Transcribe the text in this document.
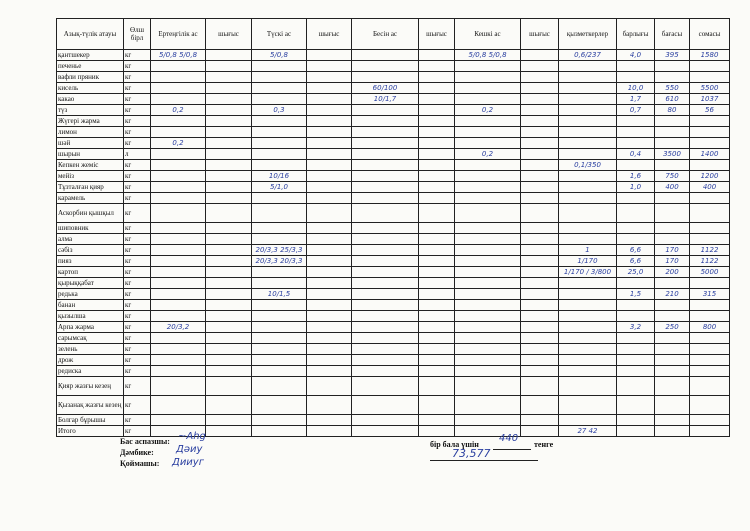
Азық-түлік атауы	Өлш бірл	Ертеңгілік ас	шығыс	Түскі ас	шығыс	Бесін ас	шығыс	Кешкі ас	шығыс	қызметкерлер	барлығы	бағасы	сомасы
қантшекер	кг	5/0,8 5/0,8		5/0,8				5/0,8 5/0,8		0,6/237	4,0	395	1580
печенье	кг												
вафли пряник	кг												
кисель	кг					60/100					10,0	550	5500
какао	кг					10/1,7					1,7	610	1037
түз	кг	0,2		0,3				0,2			0,7	80	56
Жүгері жарма	кг												
лимон	кг												
шәй	кг	0,2											
шырын	л							0,2			0,4	3500	1400
Кепкен жеміс	кг									0,1/350			
мейіз	кг			10/16							1,6	750	1200
Тұзталған қияр	кг			5/1,0							1,0	400	400
карамель	кг												
Аскорбин қышқыл	кг												
шиповник	кг												
алма	кг												
сәбіз	кг			20/3,3 25/3,3						1	6,6	170	1122
пияз	кг			20/3,3 20/3,3						1/170	6,6	170	1122
картоп	кг									1/170 / 3/800	25,0	200	5000
қырыққабат	кг												
редька	кг			10/1,5							1,5	210	315
банан	кг												
қызылша	кг												
Арпа жарма	кг	20/3,2									3,2	250	800
сарымсақ	кг												
зелень	кг												
дрож	кг												
редиска	кг												
Қияр жазғы кезең	кг												
Қызанақ жазғы кезең	кг												
Болгар бұрышы	кг												
Итого	кг									27 42			
Бас аспазшы:
Дәмбике:
Қоймашы:
~Ahg
Дәиу
Дииуг
бір бала үшін
440
тенге
73,577
